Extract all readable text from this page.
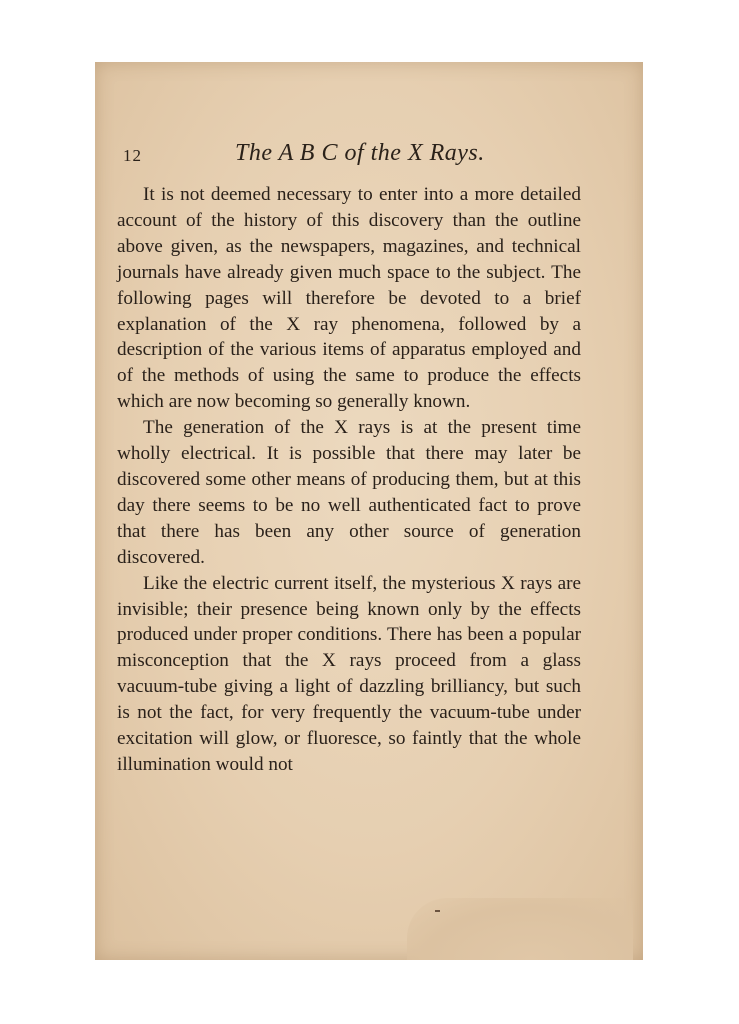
12	The A B C of the X Rays.

It is not deemed necessary to enter into a more detailed account of the history of this discovery than the outline above given, as the newspapers, magazines, and technical journals have already given much space to the subject. The following pages will therefore be devoted to a brief explanation of the X ray phenomena, followed by a description of the various items of apparatus employed and of the methods of using the same to produce the effects which are now becoming so generally known.

The generation of the X rays is at the present time wholly electrical. It is possible that there may later be discovered some other means of producing them, but at this day there seems to be no well authenticated fact to prove that there has been any other source of generation discovered.

Like the electric current itself, the mysterious X rays are invisible; their presence being known only by the effects produced under proper conditions. There has been a popular misconception that the X rays proceed from a glass vacuum-tube giving a light of dazzling brilliancy, but such is not the fact, for very frequently the vacuum-tube under excitation will glow, or fluoresce, so faintly that the whole illumination would not
